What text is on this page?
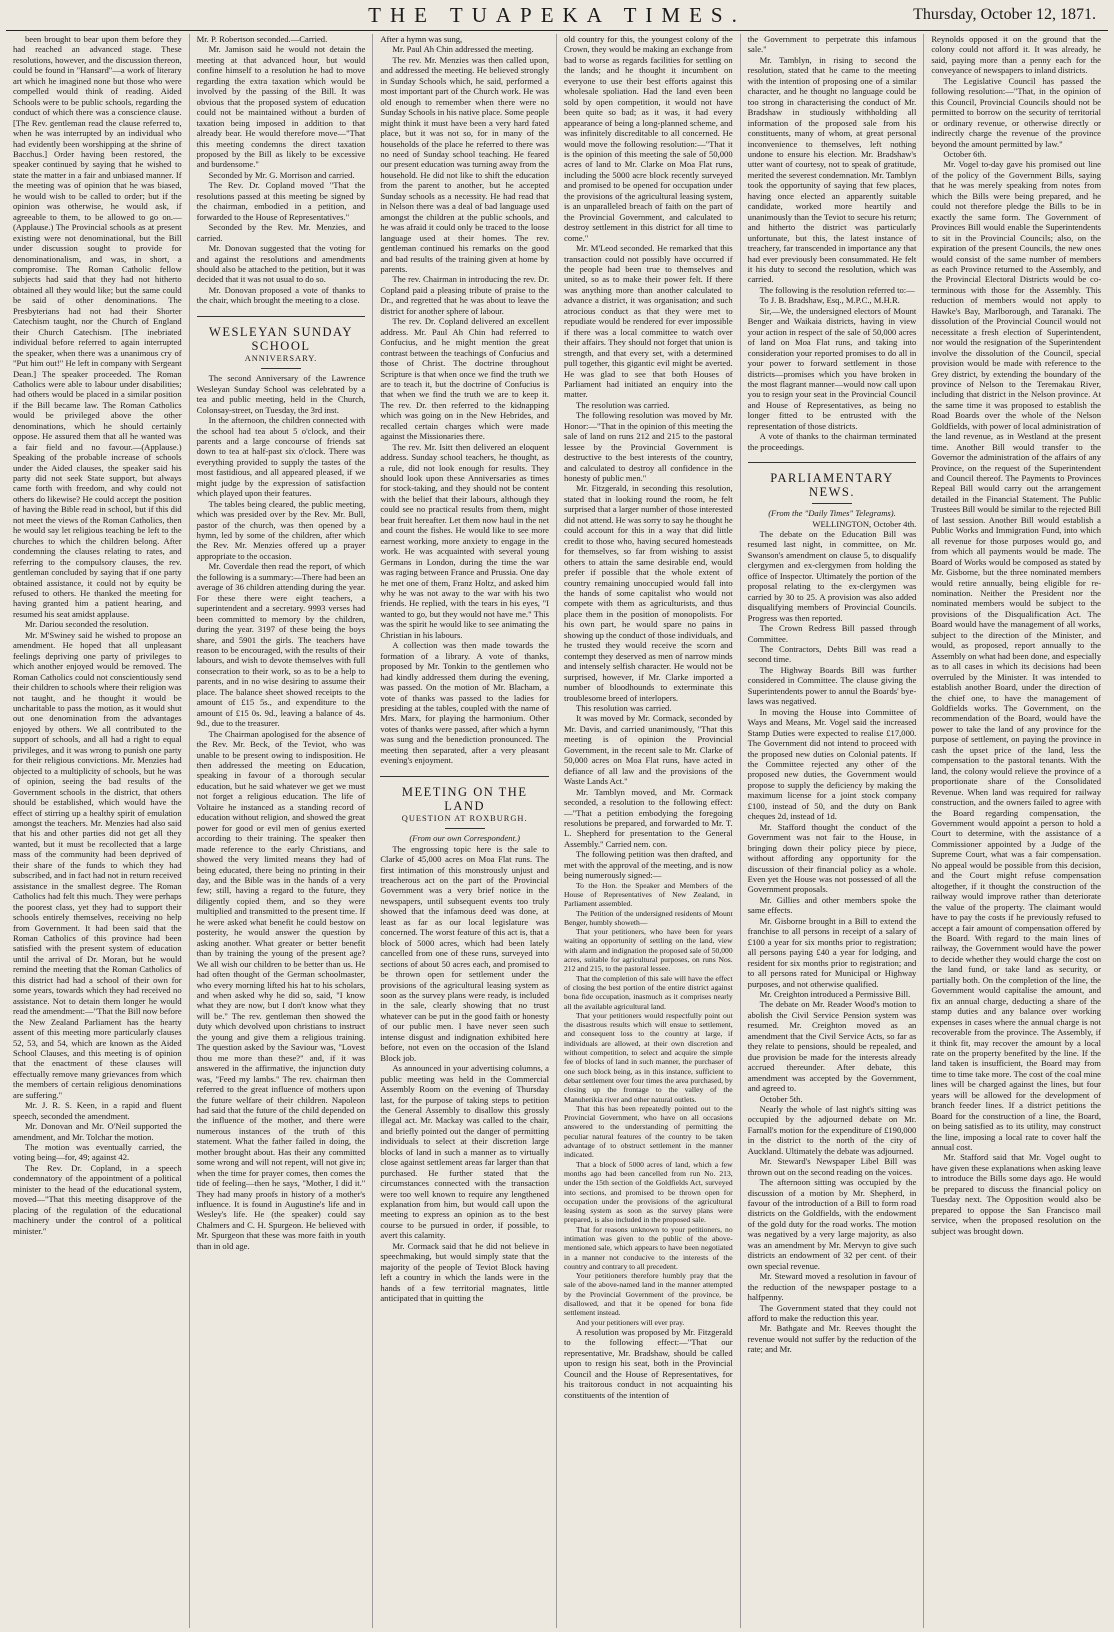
THE TUAPEKA TIMES.	Thursday, October 12, 1871.

been brought to bear upon them before they had reached an advanced stage. These resolutions, however, and the discussion thereon, could be found in "Hansard"—a work of literary art which he imagined none but those who were compelled would think of reading. Aided Schools were to be public schools, regarding the conduct of which there was a conscience clause. [The Rev. gentleman read the clause referred to, when he was interrupted by an individual who had evidently been worshipping at the shrine of Bacchus.] Order having been restored, the speaker continued by saying that he wished to state the matter in a fair and unbiased manner. If the meeting was of opinion that he was biased, he would wish to be called to order; but if the opinion was otherwise, he would ask, if agreeable to them, to be allowed to go on.—(Applause.) The Provincial schools as at present existing were not denominational, but the Bill under discussion sought to provide for denominationalism, and was, in short, a compromise. The Roman Catholic fellow subjects had said that they had not hitherto obtained all they would like; but the same could be said of other denominations. The Presbyterians had not had their Shorter Catechism taught, nor the Church of England their Church Catechism. [The inebriated individual before referred to again interrupted the speaker, when there was a unanimous cry of "Put him out!" He left in company with Sergeant Dean.] The speaker proceeded. The Roman Catholics were able to labour under disabilities; had others would be placed in a similar position if the Bill became law. The Roman Catholics would be privileged above the other denominations, which he should certainly oppose. He assured them that all he wanted was a fair field and no favour.—(Applause.) Speaking of the probable increase of schools under the Aided clauses, the speaker said his party did not seek State support, but always came forth with freedom, and why could not others do likewise? He could accept the position of having the Bible read in school, but if this did not meet the views of the Roman Catholics, then he would say let religious teaching be left to the churches to which the children belong. After condemning the clauses relating to rates, and referring to the compulsory clauses, the rev. gentleman concluded by saying that if one party obtained assistance, it could not by equity be refused to others. He thanked the meeting for having granted him a patient hearing, and resumed his seat amidst applause.

Mr. Dariou seconded the resolution.

Mr. M'Swiney said he wished to propose an amendment. He hoped that all unpleasant feelings depriving one party of privileges to which another enjoyed would be removed. The Roman Catholics could not conscientiously send their children to schools where their religion was not taught, and he thought it would be uncharitable to pass the motion, as it would shut out one denomination from the advantages enjoyed by others. We all contributed to the support of schools, and all had a right to equal privileges, and it was wrong to punish one party for their religious convictions. Mr. Menzies had objected to a multiplicity of schools, but he was of opinion, seeing the bad results of the Government schools in the district, that others should be established, which would have the effect of stirring up a healthy spirit of emulation amongst the teachers. Mr. Menzies had also said that his and other parties did not get all they wanted, but it must be recollected that a large mass of the community had been deprived of their share of the funds to which they had subscribed, and in fact had not in return received assistance in the smallest degree. The Roman Catholics had felt this much. They were perhaps the poorest class, yet they had to support their schools entirely themselves, receiving no help from Government. It had been said that the Roman Catholics of this province had been satisfied with the present system of education until the arrival of Dr. Moran, but he would remind the meeting that the Roman Catholics of this district had had a school of their own for some years, towards which they had received no assistance. Not to detain them longer he would read the amendment:—"That the Bill now before the New Zealand Parliament has the hearty assent of this meeting more particularly clauses 52, 53, and 54, which are known as the Aided School Clauses, and this meeting is of opinion that the enactment of these clauses will effectually remove many grievances from which the members of certain religious denominations are suffering."

Mr. J. R. S. Keen, in a rapid and fluent speech, seconded the amendment.

Mr. Donovan and Mr. O'Neil supported the amendment, and Mr. Tolchar the motion.

The motion was eventually carried, the voting being—for, 49; against 42.

The Rev. Dr. Copland, in a speech condemnatory of the appointment of a political minister to the head of the educational system, moved—"That this meeting disapprove of the placing of the regulation of the educational machinery under the control of a political minister."

Mr. P. Robertson seconded.—Carried.

Mr. Jamison said he would not detain the meeting at that advanced hour, but would confine himself to a resolution he had to move regarding the extra taxation which would be involved by the passing of the Bill. It was obvious that the proposed system of education could not be maintained without a burden of taxation being imposed in addition to that already bear. He would therefore move—"That this meeting condemns the direct taxation proposed by the Bill as likely to be excessive and burdensome."

Seconded by Mr. G. Morrison and carried.

The Rev. Dr. Copland moved "That the resolutions passed at this meeting be signed by the chairman, embodied in a petition, and forwarded to the House of Representatives."

Seconded by the Rev. Mr. Menzies, and carried.

Mr. Donovan suggested that the voting for and against the resolutions and amendments should also be attached to the petition, but it was decided that it was not usual to do so.

Mr. Donovan proposed a vote of thanks to the chair, which brought the meeting to a close.

WESLEYAN SUNDAY SCHOOL
ANNIVERSARY.

The second Anniversary of the Lawrence Wesleyan Sunday School was celebrated by a tea and public meeting, held in the Church, Colonsay-street, on Tuesday, the 3rd inst.

In the afternoon, the children connected with the school had tea about 5 o'clock, and their parents and a large concourse of friends sat down to tea at half-past six o'clock. There was everything provided to supply the tastes of the most fastidious, and all appeared pleased, if we might judge by the expression of satisfaction which played upon their features.

The tables being cleared, the public meeting, which was presided over by the Rev. Mr. Bull, pastor of the church, was then opened by a hymn, led by some of the children, after which the Rev. Mr. Menzies offered up a prayer appropriate to the occasion.

Mr. Coverdale then read the report, of which the following is a summary:—There had been an average of 36 children attending during the year. For these there were eight teachers, a superintendent and a secretary. 9993 verses had been committed to memory by the children, during the year. 3197 of these being the boys share, and 5901 the girls. The teachers have reason to be encouraged, with the results of their labours, and wish to devote themselves with full consecration to their work, so as to be a help to parents, and in no wise desiring to assume their place. The balance sheet showed receipts to the amount of £15 5s., and expenditure to the amount of £15 0s. 9d., leaving a balance of 4s. 9d., due to the treasurer.

The Chairman apologised for the absence of the Rev. Mr. Beck, of the Teviot, who was unable to be present owing to indisposition. He then addressed the meeting on Education, speaking in favour of a thorough secular education, but he said whatever we get we must not forget a religious education. The life of Voltaire he instanced as a standing record of education without religion, and showed the great power for good or evil men of genius exerted according to their training. The speaker then made reference to the early Christians, and showed the very limited means they had of being educated, there being no printing in their day, and the Bible was in the hands of a very few; still, having a regard to the future, they diligently copied them, and so they were multiplied and transmitted to the present time. If he were asked what benefit he could bestow on posterity, he would answer the question by asking another. What greater or better benefit than by training the young of the present age? We all wish our children to be better than us. He had often thought of the German schoolmaster, who every morning lifted his hat to his scholars, and when asked why he did so, said, "I know what they are now, but I don't know what they will be." The rev. gentleman then showed the duty which devolved upon christians to instruct the young and give them a religious training. The question asked by the Saviour was, "Lovest thou me more than these?" and, if it was answered in the affirmative, the injunction duty was, "Feed my lambs." The rev. chairman then referred to the great influence of mothers upon the future welfare of their children. Napoleon had said that the future of the child depended on the influence of the mother, and there were numerous instances of the truth of this statement. What the father failed in doing, the mother brought about. Has their any committed some wrong and will not repent, will not give in; when the time for prayer comes, then comes the tide of feeling—then he says, "Mother, I did it." They had many proofs in history of a mother's influence. It is found in Augustine's life and in Wesley's life. He (the speaker) could say Chalmers and C. H. Spurgeon. He believed with Mr. Spurgeon that these was more faith in youth than in old age.

After a hymn was sung,

Mr. Paul Ah Chin addressed the meeting.

The rev. Mr. Menzies was then called upon, and addressed the meeting. He believed strongly in Sunday Schools which, he said, performed a most important part of the Church work. He was old enough to remember when there were no Sunday Schools in his native place. Some people might think it must have been a very hard fated place, but it was not so, for in many of the households of the place he referred to there was no need of Sunday school teaching. He feared our present education was turning away from the household. He did not like to shift the education from the parent to another, but he accepted Sunday schools as a necessity. He had read that in Nelson there was a deal of bad language used amongst the children at the public schools, and he was afraid it could only be traced to the loose language used at their homes. The rev. gentleman continued his remarks on the good and bad results of the training given at home by parents.

The rev. Chairman in introducing the rev. Dr. Copland paid a pleasing tribute of praise to the Dr., and regretted that he was about to leave the district for another sphere of labour.

The rev. Dr. Copland delivered an excellent address. Mr. Paul Ah Chin had referred to Confucius, and he might mention the great contrast between the teachings of Confucius and those of Christ. The doctrine throughout Scripture is that when once we find the truth we are to teach it, but the doctrine of Confucius is that when we find the truth we are to keep it. The rev. Dr. then referred to the kidnapping which was going on in the New Hebrides, and recalled certain charges which were made against the Missionaries there.

The rev. Mr. Isitt then delivered an eloquent address. Sunday school teachers, he thought, as a rule, did not look enough for results. They should look upon these Anniversaries as times for stock-taking, and they should not be content with the belief that their labours, although they could see no practical results from them, might bear fruit hereafter. Let them now haul in the net and count the fishes. He would like to see more earnest working, more anxiety to engage in the work. He was acquainted with several young Germans in London, during the time the war was raging between France and Prussia. One day he met one of them, Franz Holtz, and asked him why he was not away to the war with his two friends. He replied, with the tears in his eyes, "I wanted to go, but they would not have me." This was the spirit he would like to see animating the Christian in his labours.

A collection was then made towards the formation of a library. A vote of thanks, proposed by Mr. Tonkin to the gentlemen who had kindly addressed them during the evening, was passed. On the motion of Mr. Blacham, a vote of thanks was passed to the ladies for presiding at the tables, coupled with the name of Mrs. Marx, for playing the harmonium. Other votes of thanks were passed, after which a hymn was sung and the benediction pronounced. The meeting then separated, after a very pleasant evening's enjoyment.

MEETING ON THE LAND
QUESTION AT ROXBURGH.

(From our own Correspondent.)

The engrossing topic here is the sale to Clarke of 45,000 acres on Moa Flat runs. The first intimation of this monstrously unjust and treacherous act on the part of the Provincial Government was a very brief notice in the newspapers, until subsequent events too truly showed that the infamous deed was done, at least as far as our local legislature was concerned. The worst feature of this act is, that a block of 5000 acres, which had been lately cancelled from one of these runs, surveyed into sections of about 50 acres each, and promised to be thrown open for settlement under the provisions of the agricultural leasing system as soon as the survey plans were ready, is included in the sale, clearly showing that no trust whatever can be put in the good faith or honesty of our public men. I have never seen such intense disgust and indignation exhibited here before, not even on the occasion of the Island Block job.

As announced in your advertising columns, a public meeting was held in the Commercial Assembly Room on the evening of Thursday last, for the purpose of taking steps to petition the General Assembly to disallow this grossly illegal act. Mr. Mackay was called to the chair, and briefly pointed out the danger of permitting individuals to select at their discretion large blocks of land in such a manner as to virtually close against settlement areas far larger than that purchased. He further stated that the circumstances connected with the transaction were too well known to require any lengthened explanation from him, but would call upon the meeting to express an opinion as to the best course to be pursued in order, if possible, to avert this calamity.

Mr. Cormack said that he did not believe in speechmaking, but would simply state that the majority of the people of Teviot Block having left a country in which the lands were in the hands of a few territorial magnates, little anticipated that in quitting the

old country for this, the youngest colony of the Crown, they would be making an exchange from bad to worse as regards facilities for settling on the lands; and he thought it incumbent on everyone to use their best efforts against this wholesale spoliation. Had the land even been sold by open competition, it would not have been quite so bad; as it was, it had every appearance of being a long-planned scheme, and was infinitely discreditable to all concerned. He would move the following resolution:—"That it is the opinion of this meeting the sale of 50,000 acres of land to Mr. Clarke on Moa Flat runs, including the 5000 acre block recently surveyed and promised to be opened for occupation under the provisions of the agricultural leasing system, is an unparalleled breach of faith on the part of the Provincial Government, and calculated to destroy settlement in this district for all time to come."

Mr. M'Leod seconded. He remarked that this transaction could not possibly have occurred if the people had been true to themselves and united, so as to make their power felt. If there was anything more than another calculated to advance a district, it was organisation; and such atrocious conduct as that they were met to repudiate would be rendered for ever impossible if there was a local committee to watch over their affairs. They should not forget that union is strength, and that every set, with a determined pull together, this gigantic evil might be averted. He was glad to see that both Houses of Parliament had initiated an enquiry into the matter.

The resolution was carried.

The following resolution was moved by Mr. Honor:—"That in the opinion of this meeting the sale of land on runs 212 and 215 to the pastoral lessee by the Provincial Government is destructive to the best interests of the country, and calculated to destroy all confidence in the honesty of public men."

Mr. Fitzgerald, in seconding this resolution, stated that in looking round the room, he felt surprised that a larger number of those interested did not attend. He was sorry to say he thought he could account for this in a way that did little credit to those who, having secured homesteads for themselves, so far from wishing to assist others to attain the same desirable end, would prefer if possible that the whole extent of country remaining unoccupied would fall into the hands of some capitalist who would not compete with them as agriculturists, and thus place them in the position of monopolists. For his own part, he would spare no pains in showing up the conduct of those individuals, and he trusted they would receive the scorn and contempt they deserved as men of narrow minds and intensely selfish character. He would not be surprised, however, if Mr. Clarke imported a number of bloodhounds to exterminate this troublesome breed of interlopers.

This resolution was carried.

It was moved by Mr. Cormack, seconded by Mr. Davis, and carried unanimously, "That this meeting is of opinion the Provincial Government, in the recent sale to Mr. Clarke of 50,000 acres on Moa Flat runs, have acted in defiance of all law and the provisions of the Waste Lands Act."

Mr. Tamblyn moved, and Mr. Cormack seconded, a resolution to the following effect:—"That a petition embodying the foregoing resolutions be prepared, and forwarded to Mr. T. L. Shepherd for presentation to the General Assembly." Carried nem. con.

The following petition was then drafted, and met with the approval of the meeting, and is now being numerously signed:—

To the Hon. the Speaker and Members of the House of Representatives of New Zealand, in Parliament assembled.

The Petition of the undersigned residents of Mount Benger, humbly showeth—

That your petitioners, who have been for years waiting an opportunity of settling on the land, view with alarm and indignation the proposed sale of 50,000 acres, suitable for agricultural purposes, on runs Nos. 212 and 215, to the pastoral lessee.

That the completion of this sale will have the effect of closing the best portion of the entire district against bona fide occupation, inasmuch as it comprises nearly all the available agricultural land.

That your petitioners would respectfully point out the disastrous results which will ensue to settlement, and consequent loss to the country at large, if individuals are allowed, at their own discretion and without competition, to select and acquire the simple fee of blocks of land in such manner, the purchaser of one such block being, as in this instance, sufficient to debar settlement over four times the area purchased, by closing up the frontage to the valley of the Manuherikia river and other natural outlets.

That this has been repeatedly pointed out to the Provincial Government, who have on all occasions answered to the understanding of permitting the peculiar natural features of the country to be taken advantage of to obstruct settlement in the manner indicated.

That a block of 5000 acres of land, which a few months ago had been cancelled from run No. 213, under the 15th section of the Goldfields Act, surveyed into sections, and promised to be thrown open for occupation under the provisions of the agricultural leasing system as soon as the survey plans were prepared, is also included in the proposed sale.

That for reasons unknown to your petitioners, no intimation was given to the public of the above-mentioned sale, which appears to have been negotiated in a manner not conducive to the interests of the country and contrary to all precedent.

Your petitioners therefore humbly pray that the sale of the above-named land in the manner attempted by the Provincial Government of the province, be disallowed, and that it be opened for bona fide settlement instead.

And your petitioners will ever pray.

A resolution was proposed by Mr. Fitzgerald to the following effect:—"That our representative, Mr. Bradshaw, should be called upon to resign his seat, both in the Provincial Council and the House of Representatives, for his traitorous conduct in not acquainting his constituents of the intention of

the Government to perpetrate this infamous sale."

Mr. Tamblyn, in rising to second the resolution, stated that he came to the meeting with the intention of proposing one of a similar character, and he thought no language could be too strong in characterising the conduct of Mr. Bradshaw in studiously withholding all information of the proposed sale from his constituents, many of whom, at great personal inconvenience to themselves, left nothing undone to ensure his election. Mr. Bradshaw's utter want of courtesy, not to speak of gratitude, merited the severest condemnation. Mr. Tamblyn took the opportunity of saying that few places, having once elected an apparently suitable candidate, worked more heartily and unanimously than the Teviot to secure his return; and hitherto the district was particularly unfortunate, but this, the latest instance of treachery, far transcended in importance any that had ever previously been consummated. He felt it his duty to second the resolution, which was carried.

The following is the resolution referred to:—

To J. B. Bradshaw, Esq., M.P.C., M.H.R.

Sir,—We, the undersigned electors of Mount Benger and Waikaia districts, having in view your action in respect of the sale of 50,000 acres of land on Moa Flat runs, and taking into consideration your reported promises to do all in your power to forward settlement in those districts—promises which you have broken in the most flagrant manner—would now call upon you to resign your seat in the Provincial Council and House of Representatives, as being no longer fitted to be entrusted with the representation of those districts.

A vote of thanks to the chairman terminated the proceedings.

PARLIAMENTARY NEWS.

(From the "Daily Times" Telegrams).

WELLINGTON, October 4th.

The debate on the Education Bill was resumed last night, in committee, on Mr. Swanson's amendment on clause 5, to disqualify clergymen and ex-clergymen from holding the office of Inspector. Ultimately the portion of the proposal relating to the ex-clergymen was carried by 30 to 25. A provision was also added disqualifying members of Provincial Councils. Progress was then reported.

The Crown Redress Bill passed through Committee.

The Contractors, Debts Bill was read a second time.

The Highway Boards Bill was further considered in Committee. The clause giving the Superintendents power to annul the Boards' bye-laws was negatived.

In moving the House into Committee of Ways and Means, Mr. Vogel said the increased Stamp Duties were expected to realise £17,000. The Government did not intend to proceed with the proposed new duties on Colonial patents. If the Committee rejected any other of the proposed new duties, the Government would propose to supply the deficiency by making the maximum license for a joint stock company £100, instead of 50, and the duty on Bank cheques 2d, instead of 1d.

Mr. Stafford thought the conduct of the Government was not fair to the House, in bringing down their policy piece by piece, without affording any opportunity for the discussion of their financial policy as a whole. Even yet the House was not possessed of all the Government proposals.

Mr. Gillies and other members spoke the same effects.

Mr. Gisborne brought in a Bill to extend the franchise to all persons in receipt of a salary of £100 a year for six months prior to registration; all persons paying £40 a year for lodging, and resident for six months prior to registration; and to all persons rated for Municipal or Highway purposes, and not otherwise qualified.

Mr. Creighton introduced a Permissive Bill.

The debate on Mr. Reader Wood's motion to abolish the Civil Service Pension system was resumed. Mr. Creighton moved as an amendment that the Civil Service Acts, so far as they relate to pensions, should be repealed, and due provision be made for the interests already accrued thereunder. After debate, this amendment was accepted by the Government, and agreed to.

October 5th.

Nearly the whole of last night's sitting was occupied by the adjourned debate on Mr. Farnall's motion for the expenditure of £190,000 in the district to the north of the city of Auckland. Ultimately the debate was adjourned.

Mr. Steward's Newspaper Libel Bill was thrown out on the second reading on the voices.

The afternoon sitting was occupied by the discussion of a motion by Mr. Shepherd, in favour of the introduction of a Bill to form road districts on the Goldfields, with the endowment of the gold duty for the road works. The motion was negatived by a very large majority, as also was an amendment by Mr. Mervyn to give such districts an endowment of 32 per cent. of their own special revenue.

Mr. Steward moved a resolution in favour of the reduction of the newspaper postage to a halfpenny.

The Government stated that they could not afford to make the reduction this year.

Mr. Bathgate and Mr. Reeves thought the revenue would not suffer by the reduction of the rate; and Mr.

Reynolds opposed it on the ground that the colony could not afford it. It was already, he said, paying more than a penny each for the conveyance of newspapers to inland districts.

The Legislative Council has passed the following resolution:—"That, in the opinion of this Council, Provincial Councils should not be permitted to borrow on the security of territorial or ordinary revenue, or otherwise directly or indirectly charge the revenue of the province beyond the amount permitted by law."

October 6th.

Mr. Vogel to-day gave his promised out line of the policy of the Government Bills, saying that he was merely speaking from notes from which the Bills were being prepared, and he could not therefore pledge the Bills to be in exactly the same form. The Government of Provinces Bill would enable the Superintendents to sit in the Provincial Councils; also, on the expiration of the present Councils, the new ones would consist of the same number of members as each Province returned to the Assembly, and the Provincial Electoral Districts would be co-terminous with those for the Assembly. This reduction of members would not apply to Hawke's Bay, Marlborough, and Taranaki. The dissolution of the Provincial Council would not necessitate a fresh election of Superintendent, nor would the resignation of the Superintendent involve the dissolution of the Council, special provision would be made with reference to the Grey district, by extending the boundary of the province of Nelson to the Teremakau River, including that district in the Nelson province. At the same time it was proposed to establish the Road Boards over the whole of the Nelson Goldfields, with power of local administration of the land revenue, as in Westland at the present time. Another Bill would transfer to the Governor the administration of the affairs of any Province, on the request of the Superintendent and Council thereof. The Payments to Provinces Repeal Bill would carry out the arrangement detailed in the Financial Statement. The Public Trustees Bill would be similar to the rejected Bill of last session. Another Bill would establish a Public Works and Immigration Fund, into which all revenue for those purposes would go, and from which all payments would be made. The Board of Works would be composed as stated by Mr. Gisborne, but the three nominated members would retire annually, being eligible for re-nomination. Neither the President nor the nominated members would be subject to the provisions of the Disqualification Act. The Board would have the management of all works, subject to the direction of the Minister, and would, as proposed, report annually to the Assembly on what had been done, and especially as to all cases in which its decisions had been overruled by the Minister. It was intended to establish another Board, under the direction of the chief one, to have the management of Goldfields works. The Government, on the recommendation of the Board, would have the power to take the land of any province for the purpose of settlement, on paying the province in cash the upset price of the land, less the compensation to the pastoral tenants. With the land, the colony would relieve the province of a proportionate share of the Consolidated Revenue. When land was required for railway construction, and the owners failed to agree with the Board regarding compensation, the Government would appoint a person to hold a Court to determine, with the assistance of a Commissioner appointed by a Judge of the Supreme Court, what was a fair compensation. No appeal would be possible from this decision, and the Court might refuse compensation altogether, if it thought the construction of the railway would improve rather than deteriorate the value of the property. The claimant would have to pay the costs if he previously refused to accept a fair amount of compensation offered by the Board. With regard to the main lines of railway, the Government would have the power to decide whether they would charge the cost on the land fund, or take land as security, or partially both. On the completion of the line, the Government would capitalise the amount, and fix an annual charge, deducting a share of the stamp duties and any balance over working expenses in cases where the annual charge is not recoverable from the province. The Assembly, if it think fit, may recover the amount by a local rate on the property benefited by the line. If the land taken is insufficient, the Board may from time to time take more. The cost of the coal mine lines will be charged against the lines, but four years will be allowed for the development of branch feeder lines. If a district petitions the Board for the construction of a line, the Board, on being satisfied as to its utility, may construct the line, imposing a local rate to cover half the annual cost.

Mr. Stafford said that Mr. Vogel ought to have given these explanations when asking leave to introduce the Bills some days ago. He would be prepared to discuss the financial policy on Tuesday next. The Opposition would also be prepared to oppose the San Francisco mail service, when the proposed resolution on the subject was brought down.
